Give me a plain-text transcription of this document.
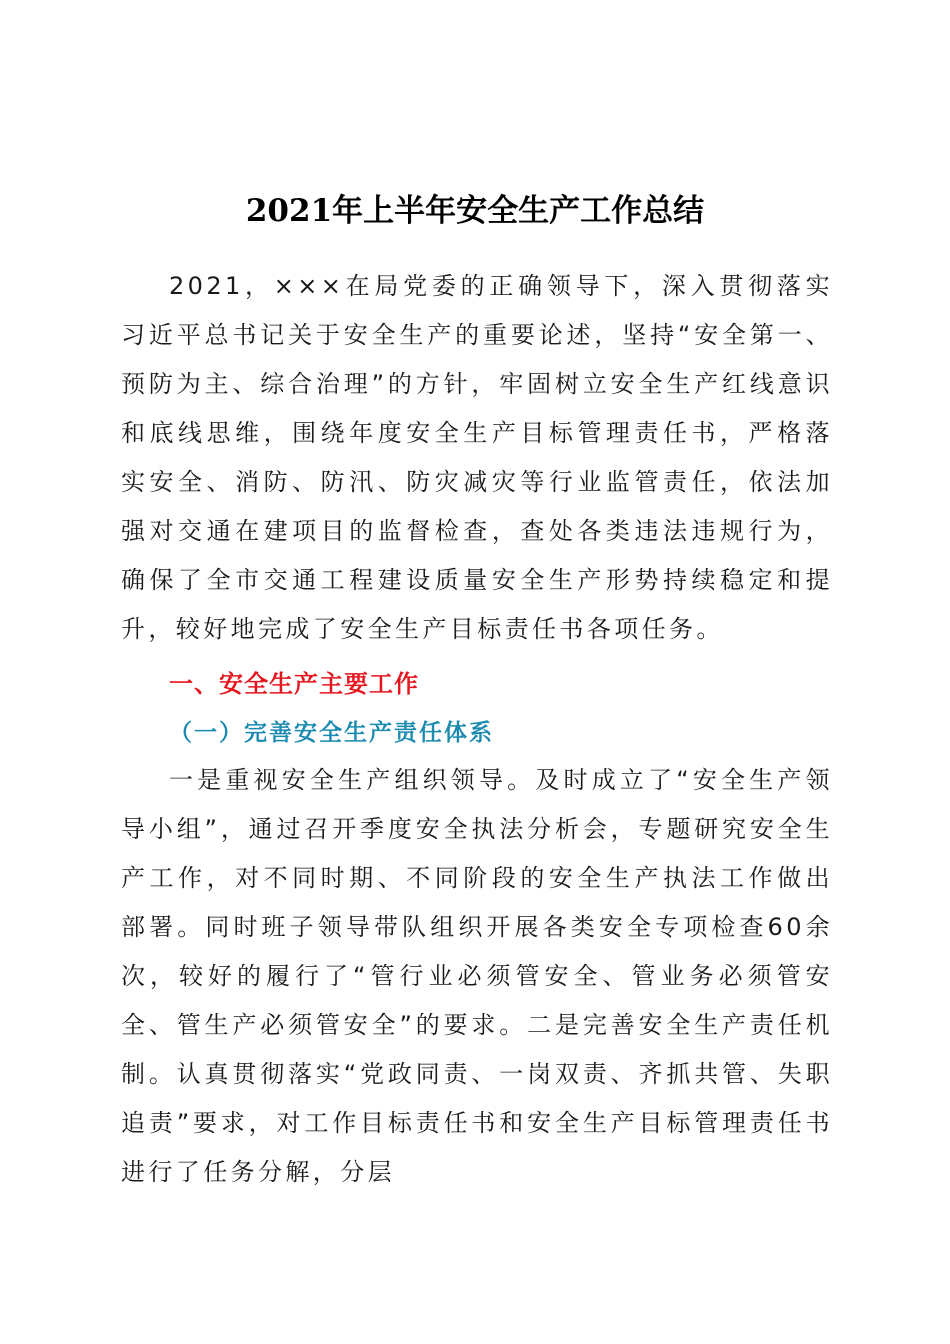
2021年上半年安全生产工作总结

2021，×××在局党委的正确领导下，深入贯彻落实习近平总书记关于安全生产的重要论述，坚持“安全第一、预防为主、综合治理”的方针，牢固树立安全生产红线意识和底线思维，围绕年度安全生产目标管理责任书，严格落实安全、消防、防汛、防灾减灾等行业监管责任，依法加强对交通在建项目的监督检查，查处各类违法违规行为，确保了全市交通工程建设质量安全生产形势持续稳定和提升，较好地完成了安全生产目标责任书各项任务。

一、安全生产主要工作
（一）完善安全生产责任体系

一是重视安全生产组织领导。及时成立了“安全生产领导小组”，通过召开季度安全执法分析会，专题研究安全生产工作，对不同时期、不同阶段的安全生产执法工作做出部署。同时班子领导带队组织开展各类安全专项检查60余次，较好的履行了“管行业必须管安全、管业务必须管安全、管生产必须管安全”的要求。二是完善安全生产责任机制。认真贯彻落实“党政同责、一岗双责、齐抓共管、失职追责”要求，对工作目标责任书和安全生产目标管理责任书进行了任务分解，分层
